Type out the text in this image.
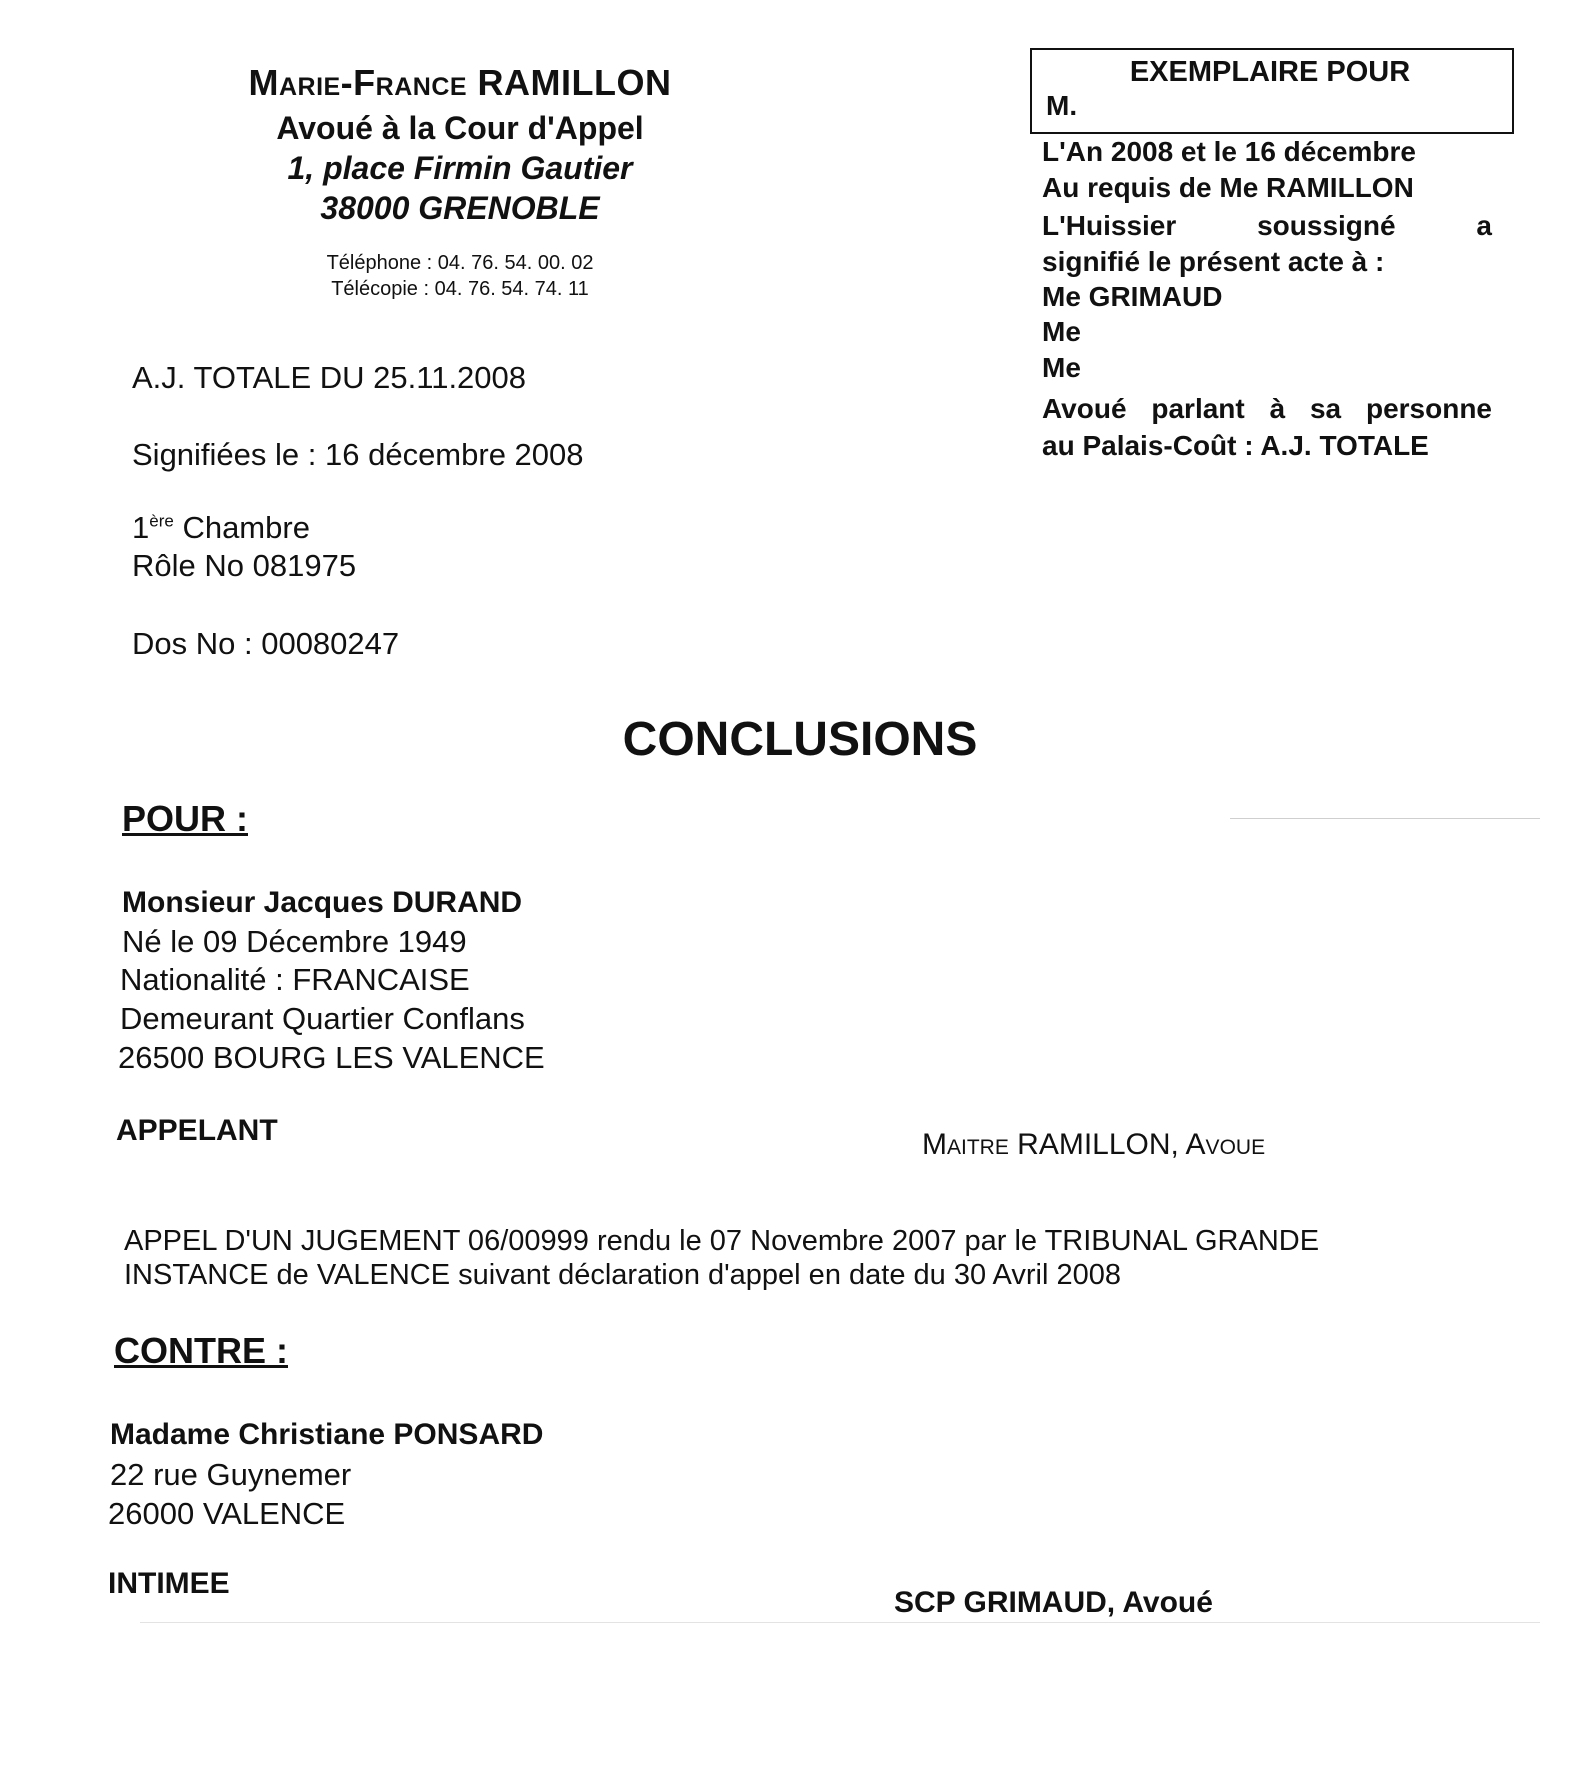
Marie-France RAMILLON
Avoué à la Cour d'Appel
1, place Firmin Gautier
38000 GRENOBLE
Téléphone : 04. 76. 54. 00. 02
Télécopie : 04. 76. 54. 74. 11
A.J. TOTALE DU 25.11.2008
Signifiées le : 16 décembre 2008
1ère Chambre
Rôle No 081975
Dos No : 00080247
EXEMPLAIRE POUR
M.
L'An 2008 et le 16 décembre
Au requis de Me RAMILLON
L'Huissier soussigné a
signifié le présent acte à :
Me GRIMAUD
Me
Me
Avoué parlant à sa personne
au Palais-Coût : A.J. TOTALE
CONCLUSIONS
POUR :
Monsieur Jacques DURAND
Né le 09 Décembre 1949
Nationalité : FRANCAISE
Demeurant Quartier Conflans
26500 BOURG LES VALENCE
APPELANT	Maitre RAMILLON, Avoue
APPEL D'UN JUGEMENT 06/00999 rendu le 07 Novembre 2007 par le TRIBUNAL GRANDE
INSTANCE de VALENCE suivant déclaration d'appel en date du 30 Avril 2008
CONTRE :
Madame Christiane PONSARD
22 rue Guynemer
26000 VALENCE
INTIMEE
SCP GRIMAUD, Avoué
